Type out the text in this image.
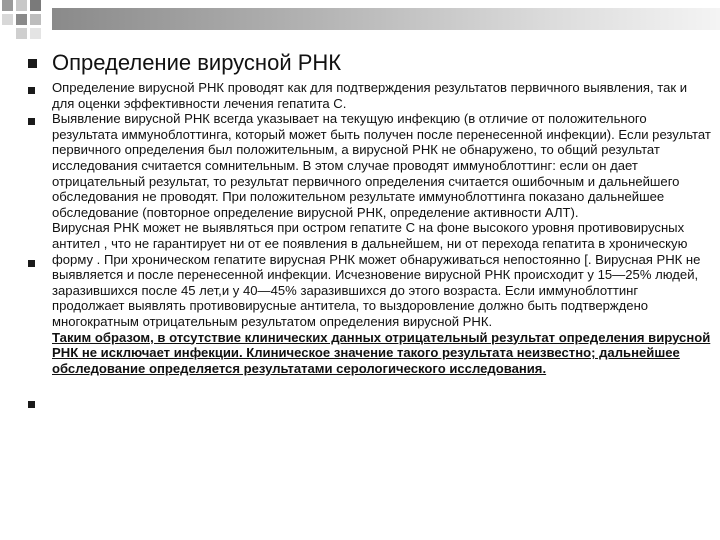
Определение вирусной РНК

Определение вирусной РНК проводят как для подтверждения результатов первичного выявления, так и для оценки эффективности лечения гепатита С.

Выявление вирусной РНК всегда указывает на текущую инфекцию (в отличие от положительного результата иммуноблоттинга, который может быть получен после перенесенной инфекции). Если результат первичного определения был положительным, а вирусной РНК не обнаружено, то общий результат исследования считается сомнительным. В этом случае проводят иммуноблоттинг: если он дает отрицательный результат, то результат первичного определения считается ошибочным и дальнейшего обследования не проводят. При положительном результате иммуноблоттинга показано дальнейшее обследование (повторное определение вирусной РНК, определение активности АЛТ).

Вирусная РНК может не выявляться при остром гепатите С на фоне высокого уровня противовирусных антител , что не гарантирует ни от ее появления в дальнейшем, ни от перехода гепатита в хроническую форму . При хроническом гепатите вирусная РНК может обнаруживаться непостоянно [. Вирусная РНК не выявляется и после перенесенной инфекции. Исчезновение вирусной РНК происходит у 15—25% людей, заразившихся после 45 лет,и у 40—45% заразившихся до этого возраста. Если иммуноблоттинг продолжает выявлять противовирусные антитела, то выздоровление должно быть подтверждено многократным отрицательным результатом определения вирусной РНК.

Таким образом, в отсутствие клинических данных отрицательный результат определения вирусной РНК не исключает инфекции. Клиническое значение такого результата неизвестно; дальнейшее обследование определяется результатами серологического исследования.
